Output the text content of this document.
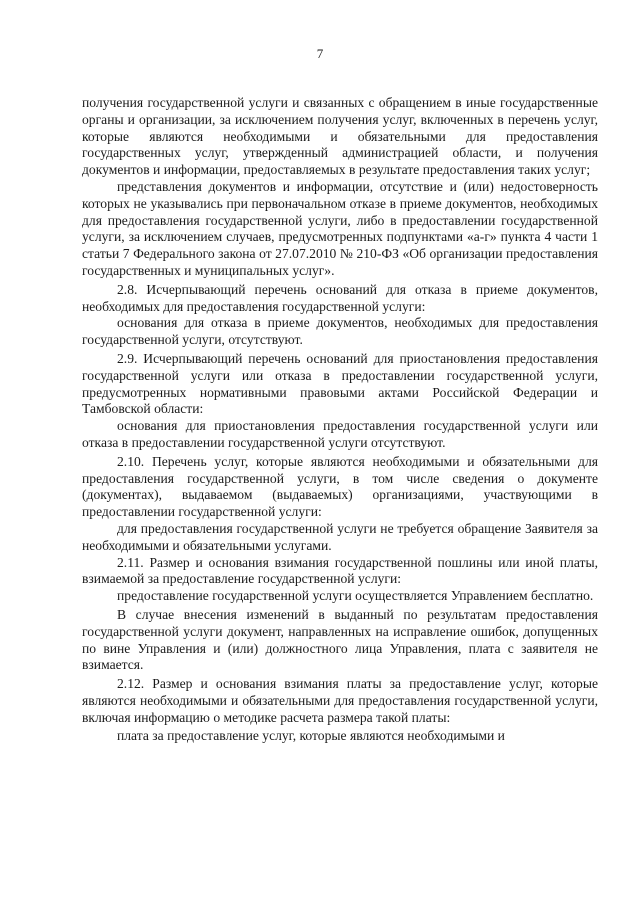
7

получения государственной услуги и связанных с обращением в иные государственные органы и организации, за исключением получения услуг, включенных в перечень услуг, которые являются необходимыми и обязательными для предоставления государственных услуг, утвержденный администрацией области, и получения документов и информации, предоставляемых в результате предоставления таких услуг;

представления документов и информации, отсутствие и (или) недостоверность которых не указывались при первоначальном отказе в приеме документов, необходимых для предоставления государственной услуги, либо в предоставлении государственной услуги, за исключением случаев, предусмотренных подпунктами «а-г» пункта 4 части 1 статьи 7 Федерального закона от 27.07.2010 № 210-ФЗ «Об организации предоставления государственных и муниципальных услуг».

2.8. Исчерпывающий перечень оснований для отказа в приеме документов, необходимых для предоставления государственной услуги:

основания для отказа в приеме документов, необходимых для предоставления государственной услуги, отсутствуют.

2.9. Исчерпывающий перечень оснований для приостановления предоставления государственной услуги или отказа в предоставлении государственной услуги, предусмотренных нормативными правовыми актами Российской Федерации и Тамбовской области:

основания для приостановления предоставления государственной услуги или отказа в предоставлении государственной услуги отсутствуют.

2.10. Перечень услуг, которые являются необходимыми и обязательными для предоставления государственной услуги, в том числе сведения о документе (документах), выдаваемом (выдаваемых) организациями, участвующими в предоставлении государственной услуги:

для предоставления государственной услуги не требуется обращение Заявителя за необходимыми и обязательными услугами.

2.11. Размер и основания взимания государственной пошлины или иной платы, взимаемой за предоставление государственной услуги:

предоставление государственной услуги осуществляется Управлением бесплатно.

В случае внесения изменений в выданный по результатам предоставления государственной услуги документ, направленных на исправление ошибок, допущенных по вине Управления и (или) должностного лица Управления, плата с заявителя не взимается.

2.12. Размер и основания взимания платы за предоставление услуг, которые являются необходимыми и обязательными для предоставления государственной услуги, включая информацию о методике расчета размера такой платы:

плата за предоставление услуг, которые являются необходимыми и
